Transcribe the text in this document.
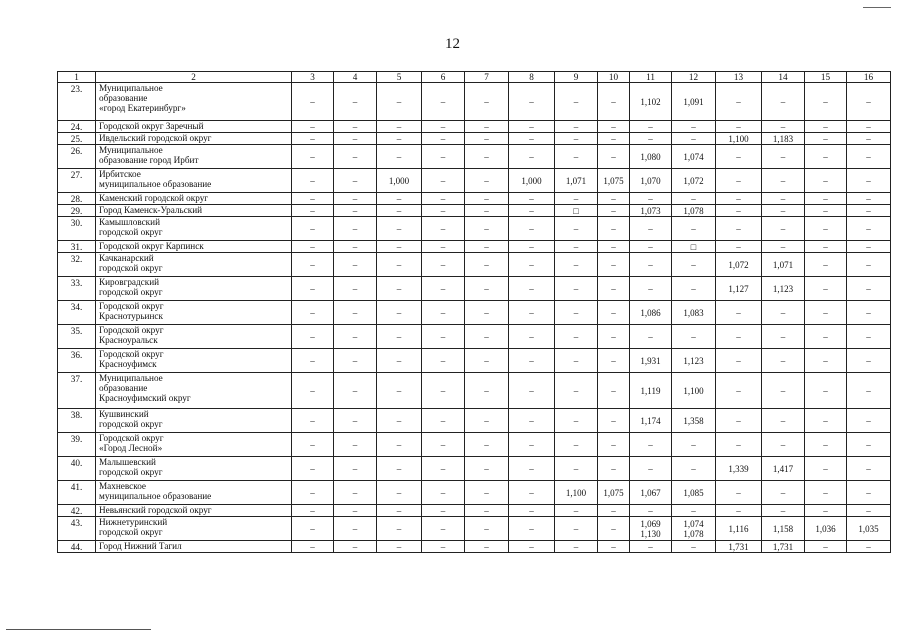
12
1	2	3	4	5	6	7	8	9	10	11	12	13	14	15	16
23.	Муниципальное
образование
«город Екатеринбург»	–	–	–	–	–	–	–	–	1,102	1,091	–	–	–	–
24.	Городской округ Заречный	–	–	–	–	–	–	–	–	–	–	–	–	–	–
25.	Ивдельский городской округ	–	–	–	–	–	–	–	–	–	–	1,100	1,183	–	–
26.	Муниципальное
образование город Ирбит	–	–	–	–	–	–	–	–	1,080	1,074	–	–	–	–
27.	Ирбитское
муниципальное образование	–	–	1,000	–	–	1,000	1,071	1,075	1,070	1,072	–	–	–	–
28.	Каменский городской округ	–	–	–	–	–	–	–	–	–	–	–	–	–	–
29.	Город Каменск-Уральский	–	–	–	–	–	–	□	–	1,073	1,078	–	–	–	–
30.	Камышловский
городской округ	–	–	–	–	–	–	–	–	–	–	–	–	–	–
31.	Городской округ Карпинск	–	–	–	–	–	–	–	–	–	□	–	–	–	–
32.	Качканарский
городской округ	–	–	–	–	–	–	–	–	–	–	1,072	1,071	–	–
33.	Кировградский
городской округ	–	–	–	–	–	–	–	–	–	–	1,127	1,123	–	–
34.	Городской округ
Краснотурьинск	–	–	–	–	–	–	–	–	1,086	1,083	–	–	–	–
35.	Городской округ
Красноуральск	–	–	–	–	–	–	–	–	–	–	–	–	–	–
36.	Городской округ
Красноуфимск	–	–	–	–	–	–	–	–	1,931	1,123	–	–	–	–
37.	Муниципальное
образование
Красноуфимский округ	–	–	–	–	–	–	–	–	1,119	1,100	–	–	–	–
38.	Кушвинский
городской округ	–	–	–	–	–	–	–	–	1,174	1,358	–	–	–	–
39.	Городской округ
«Город Лесной»	–	–	–	–	–	–	–	–	–	–	–	–	–	–
40.	Малышевский
городской округ	–	–	–	–	–	–	–	–	–	–	1,339	1,417	–	–
41.	Махневское
муниципальное образование	–	–	–	–	–	–	1,100	1,075	1,067	1,085	–	–	–	–
42.	Невьянский городской округ	–	–	–	–	–	–	–	–	–	–	–	–	–	–
43.	Нижнетуринский
городской округ	–	–	–	–	–	–	–	–	1,069
1,130	1,074
1,078	1,116	1,158	1,036	1,035
44.	Город Нижний Тагил	–	–	–	–	–	–	–	–	–	–	1,731	1,731	–	–
